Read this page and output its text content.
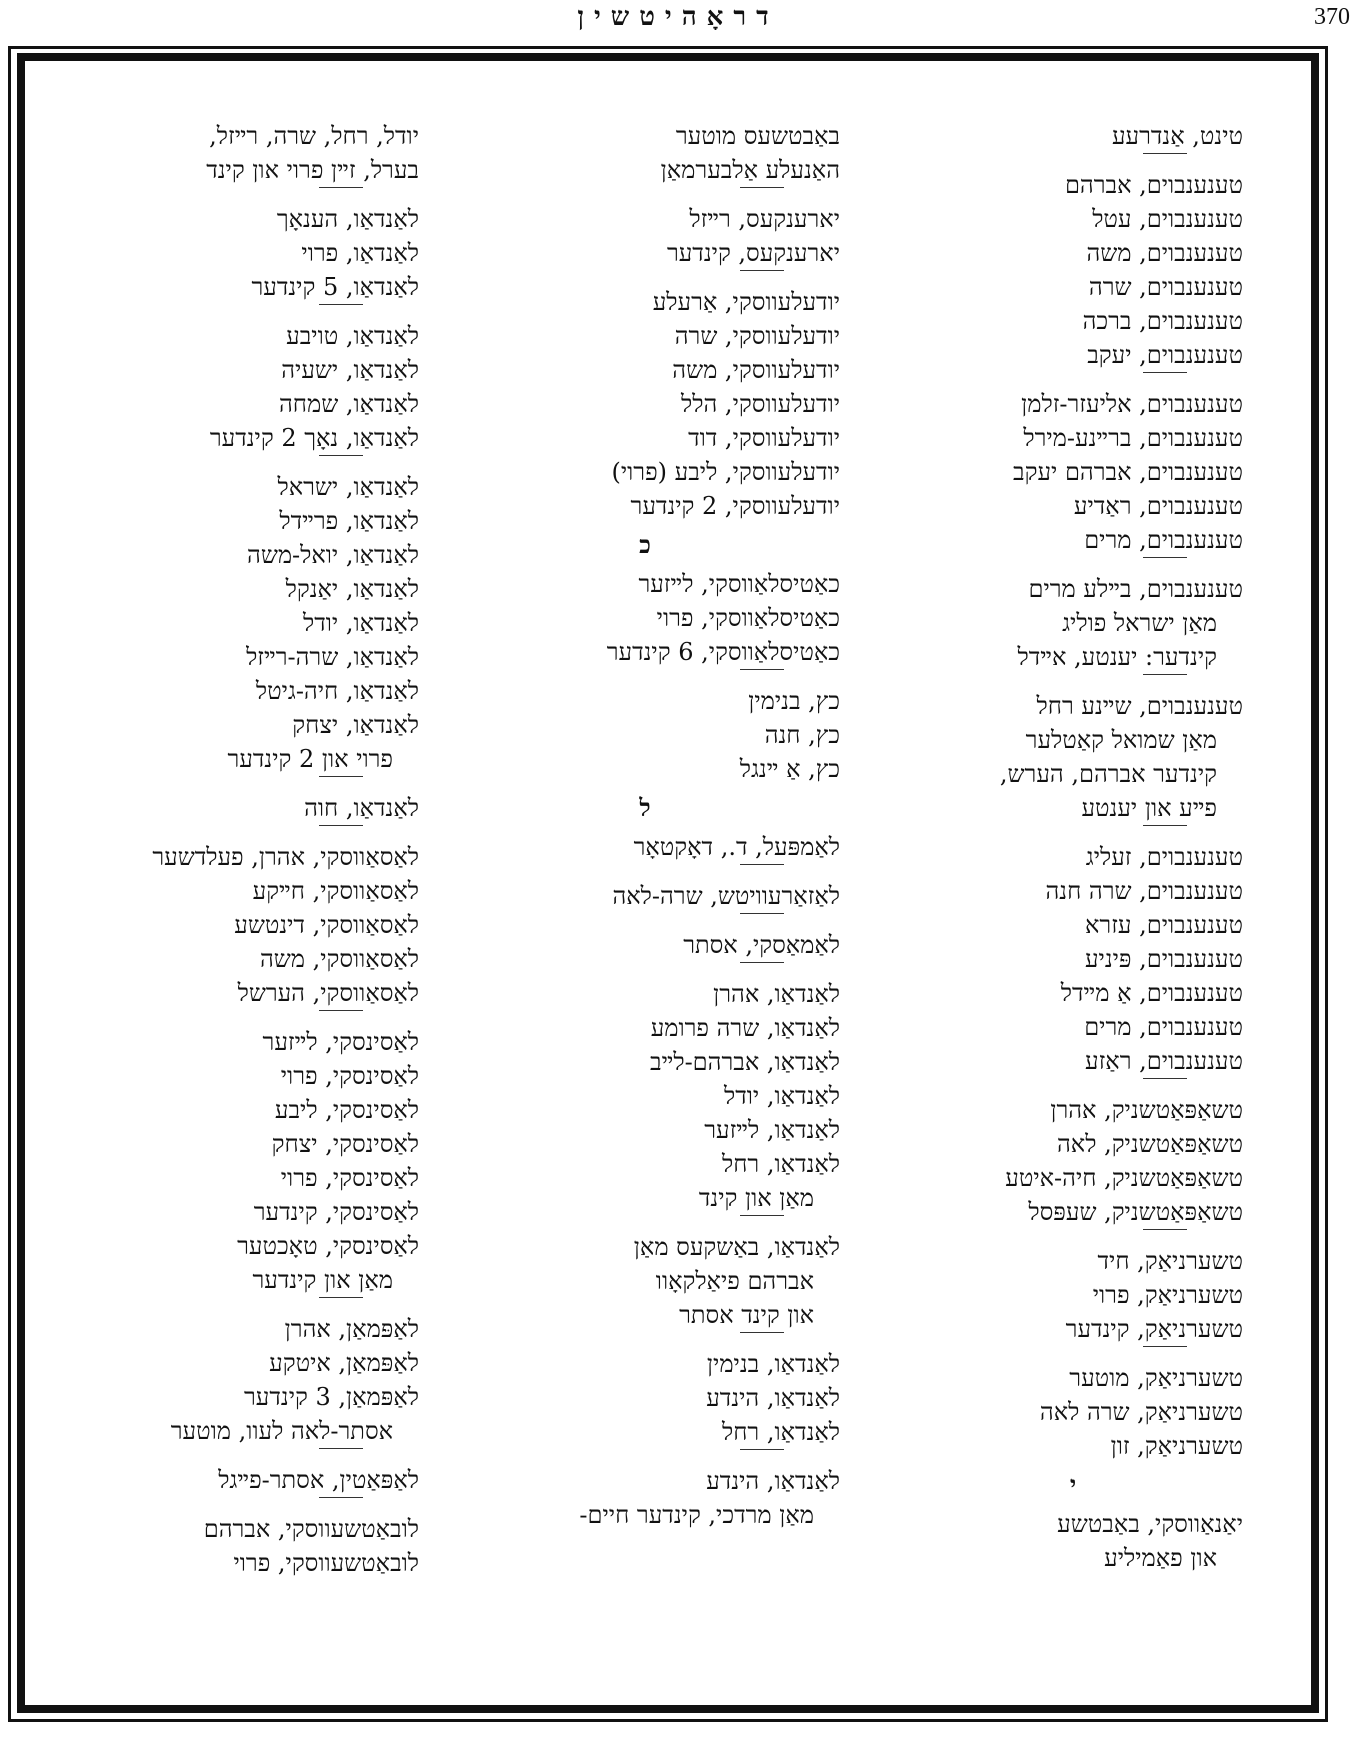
דראָהיטשין	370
טינט, אַנדרעע
טענענבוים, אברהם
טענענבוים, עטל
טענענבוים, משה
טענענבוים, שרה
טענענבוים, ברכה
טענענבוים, יעקב
טענענבוים, אליעזר-זלמן
טענענבוים, ברײנע-מירל
טענענבוים, אברהם יעקב
טענענבוים, ראַדיע
טענענבוים, מרים
טענענבוים, בײלע מרים
מאַן ישראל פוליג
קינדער: יענטע, אײדל
טענענבוים, שײנע רחל
מאַן שמואל קאַטלער
קינדער אברהם, הערש,
פײע און יענטע
טענענבוים, זעליג
טענענבוים, שרה חנה
טענענבוים, עזרא
טענענבוים, פּיניע
טענענבוים, אַ מײדל
טענענבוים, מרים
טענענבוים, ראַזע
טשאַפּאַטשניק, אהרן
טשאַפּאַטשניק, לאה
טשאַפּאַטשניק, חיה-איטע
טשאַפּאַטשניק, שעפּסל
טשערניאַק, חיד
טשערניאַק, פרוי
טשערניאַק, קינדער
טשערניאַק, מוטער
טשערניאַק, שרה לאה
טשערניאַק, זון
י
יאַנאַווסקי, באַבטשע
און פאַמיליע
באַבטשעס מוטער
האַנעלע אַלבערמאַן
יארענקעס, רײזל
יארענקעס, קינדער
יודעלעווסקי, אַרעלע
יודעלעווסקי, שרה
יודעלעווסקי, משה
יודעלעווסקי, הלל
יודעלעווסקי, דוד
יודעלעווסקי, ליבע (פרוי)
יודעלעווסקי, 2 קינדער
כ
כאַטיסלאַווסקי, לײזער
כאַטיסלאַווסקי, פרוי
כאַטיסלאַווסקי, 6 קינדער
כץ, בנימין
כץ, חנה
כץ, אַ ײנגל
ל
לאַמפּעל, ד., דאָקטאָר
לאַזאַרעוויטש, שרה-לאה
לאַמאַסקי, אסתר
לאַנדאַו, אהרן
לאַנדאַו, שרה פרומע
לאַנדאַו, אברהם-לײב
לאַנדאַו, יודל
לאַנדאַו, לײזער
לאַנדאַו, רחל
מאַן און קינד
לאַנדאַו, באַשקעס מאַן
אברהם פיאַלקאָוו
און קינד אסתר
לאַנדאַו, בנימין
לאַנדאַו, הינדע
לאַנדאַו, רחל
לאַנדאַו, הינדע
מאַן מרדכי, קינדער חיים-
יודל, רחל, שרה, רײזל,
בערל, זײן פרוי און קינד
לאַנדאַו, הענאָך
לאַנדאַו, פרוי
לאַנדאַו, 5 קינדער
לאַנדאַו, טויבע
לאַנדאַו, ישעיה
לאַנדאַו, שמחה
לאַנדאַו, נאָך 2 קינדער
לאַנדאַו, ישראל
לאַנדאַו, פרײדל
לאַנדאַו, יואל-משה
לאַנדאַו, יאַנקל
לאַנדאַו, יודל
לאַנדאַו, שרה-רײזל
לאַנדאַו, חיה-גיטל
לאַנדאַו, יצחק
פרוי און 2 קינדער
לאַנדאַו, חוה
לאַסאַווסקי, אהרן, פעלדשער
לאַסאַווסקי, חײקע
לאַסאַווסקי, דינטשע
לאַסאַווסקי, משה
לאַסאַווסקי, הערשל
לאַסינסקי, לײזער
לאַסינסקי, פרוי
לאַסינסקי, ליבע
לאַסינסקי, יצחק
לאַסינסקי, פרוי
לאַסינסקי, קינדער
לאַסינסקי, טאָכטער
מאַן און קינדער
לאַפּמאַן, אהרן
לאַפּמאַן, איטקע
לאַפּמאַן, 3 קינדער
אסתר-לאה לעוו, מוטער
לאַפּאַטין, אסתר-פײגל
לובאַטשעווסקי, אברהם
לובאַטשעווסקי, פרוי
